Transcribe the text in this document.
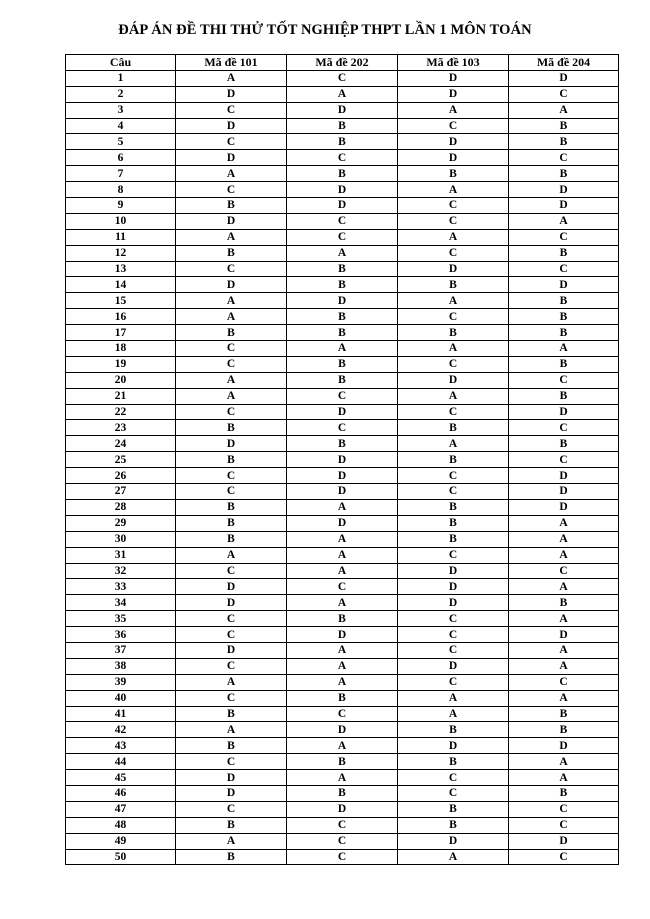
ĐÁP ÁN ĐỀ THI THỬ TỐT NGHIỆP THPT LẦN 1 MÔN TOÁN
Câu	Mã đề 101	Mã đề 202	Mã đề 103	Mã đề 204
1	A	C	D	D
2	D	A	D	C
3	C	D	A	A
4	D	B	C	B
5	C	B	D	B
6	D	C	D	C
7	A	B	B	B
8	C	D	A	D
9	B	D	C	D
10	D	C	C	A
11	A	C	A	C
12	B	A	C	B
13	C	B	D	C
14	D	B	B	D
15	A	D	A	B
16	A	B	C	B
17	B	B	B	B
18	C	A	A	A
19	C	B	C	B
20	A	B	D	C
21	A	C	A	B
22	C	D	C	D
23	B	C	B	C
24	D	B	A	B
25	B	D	B	C
26	C	D	C	D
27	C	D	C	D
28	B	A	B	D
29	B	D	B	A
30	B	A	B	A
31	A	A	C	A
32	C	A	D	C
33	D	C	D	A
34	D	A	D	B
35	C	B	C	A
36	C	D	C	D
37	D	A	C	A
38	C	A	D	A
39	A	A	C	C
40	C	B	A	A
41	B	C	A	B
42	A	D	B	B
43	B	A	D	D
44	C	B	B	A
45	D	A	C	A
46	D	B	C	B
47	C	D	B	C
48	B	C	B	C
49	A	C	D	D
50	B	C	A	C
